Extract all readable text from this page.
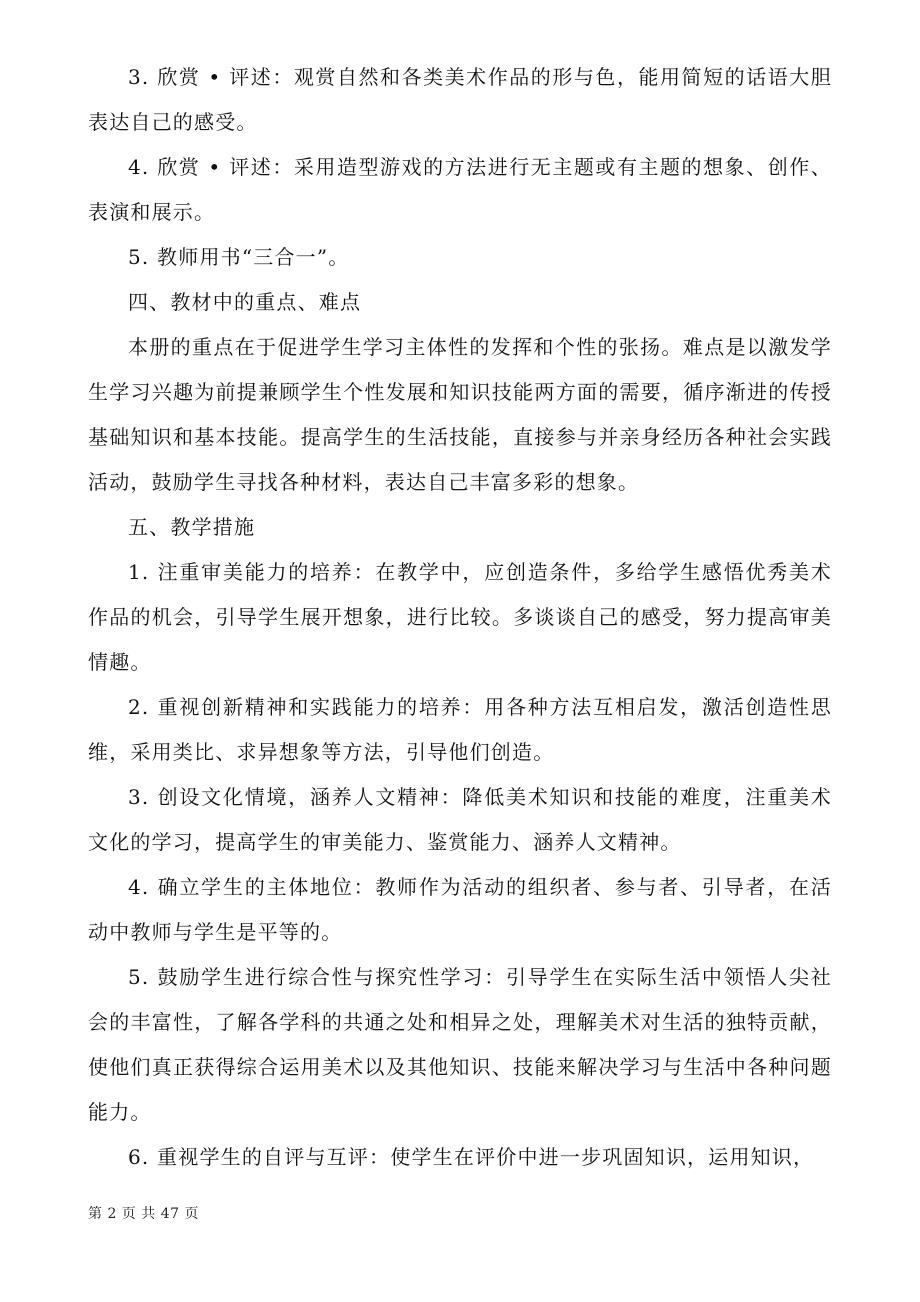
3. 欣赏 • 评述：观赏自然和各类美术作品的形与色，能用简短的话语大胆表达自己的感受。

4. 欣赏 • 评述：采用造型游戏的方法进行无主题或有主题的想象、创作、表演和展示。

5. 教师用书“三合一”。

四、教材中的重点、难点

本册的重点在于促进学生学习主体性的发挥和个性的张扬。难点是以激发学生学习兴趣为前提兼顾学生个性发展和知识技能两方面的需要，循序渐进的传授基础知识和基本技能。提高学生的生活技能，直接参与并亲身经历各种社会实践活动，鼓励学生寻找各种材料，表达自己丰富多彩的想象。

五、教学措施

1. 注重审美能力的培养：在教学中，应创造条件，多给学生感悟优秀美术作品的机会，引导学生展开想象，进行比较。多谈谈自己的感受，努力提高审美情趣。

2. 重视创新精神和实践能力的培养：用各种方法互相启发，激活创造性思维，采用类比、求异想象等方法，引导他们创造。

3. 创设文化情境，涵养人文精神：降低美术知识和技能的难度，注重美术文化的学习，提高学生的审美能力、鉴赏能力、涵养人文精神。

4. 确立学生的主体地位：教师作为活动的组织者、参与者、引导者，在活动中教师与学生是平等的。

5. 鼓励学生进行综合性与探究性学习：引导学生在实际生活中领悟人尖社会的丰富性，了解各学科的共通之处和相异之处，理解美术对生活的独特贡献，使他们真正获得综合运用美术以及其他知识、技能来解决学习与生活中各种问题能力。

6. 重视学生的自评与互评：使学生在评价中进一步巩固知识，运用知识，

第 2 页 共 47 页
